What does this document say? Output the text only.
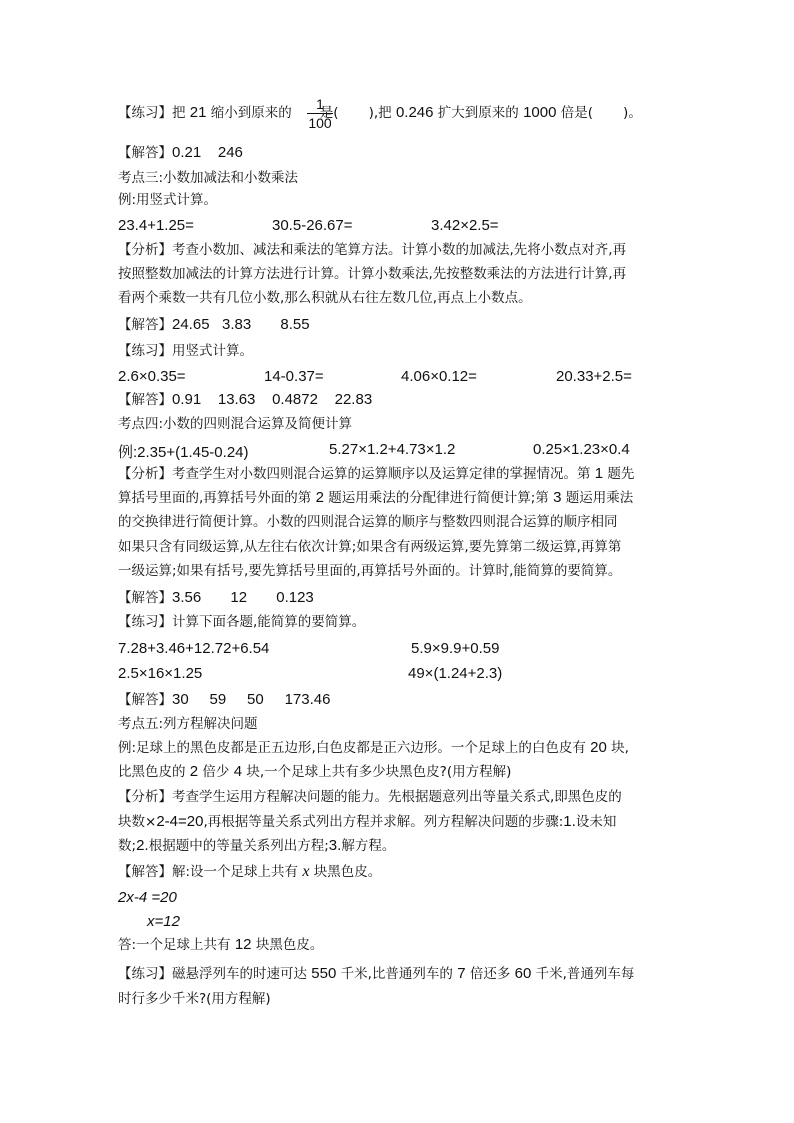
【练习】把 21 缩小到原来的 是(       ),把 0.246 扩大到原来的 1000 倍是(       )。
1
100
【解答】0.21    246
考点三:小数加减法和小数乘法
例:用竖式计算。
23.4+1.25=	30.5-26.67=	3.42×2.5=
【分析】考查小数加、减法和乘法的笔算方法。计算小数的加减法,先将小数点对齐,再
按照整数加减法的计算方法进行计算。计算小数乘法,先按整数乘法的方法进行计算,再
看两个乘数一共有几位小数,那么积就从右往左数几位,再点上小数点。
【解答】24.65   3.83       8.55
【练习】用竖式计算。
2.6×0.35=	14-0.37=	4.06×0.12=	20.33+2.5=
【解答】0.91    13.63    0.4872    22.83
考点四:小数的四则混合运算及简便计算
例:2.35+(1.45-0.24)	5.27×1.2+4.73×1.2	0.25×1.23×0.4
【分析】考查学生对小数四则混合运算的运算顺序以及运算定律的掌握情况。第 1 题先
算括号里面的,再算括号外面的第 2 题运用乘法的分配律进行简便计算;第 3 题运用乘法
的交换律进行简便计算。小数的四则混合运算的顺序与整数四则混合运算的顺序相同
如果只含有同级运算,从左往右依次计算;如果含有两级运算,要先算第二级运算,再算第
一级运算;如果有括号,要先算括号里面的,再算括号外面的。计算时,能简算的要简算。
【解答】3.56       12       0.123
【练习】计算下面各题,能简算的要简算。
7.28+3.46+12.72+6.54	5.9×9.9+0.59
2.5×16×1.25	49×(1.24+2.3)
【解答】30     59     50     173.46
考点五:列方程解决问题
例:足球上的黑色皮都是正五边形,白色皮都是正六边形。一个足球上的白色皮有 20 块,
比黑色皮的 2 倍少 4 块,一个足球上共有多少块黑色皮?(用方程解)
【分析】考查学生运用方程解决问题的能力。先根据题意列出等量关系式,即黑色皮的
块数×2-4=20,再根据等量关系式列出方程并求解。列方程解决问题的步骤:1.设未知
数;2.根据题中的等量关系列出方程;3.解方程。
【解答】解:设一个足球上共有 x 块黑色皮。
2x-4 =20
x=12
答:一个足球上共有 12 块黑色皮。
【练习】磁悬浮列车的时速可达 550 千米,比普通列车的 7 倍还多 60 千米,普通列车每
时行多少千米?(用方程解)
